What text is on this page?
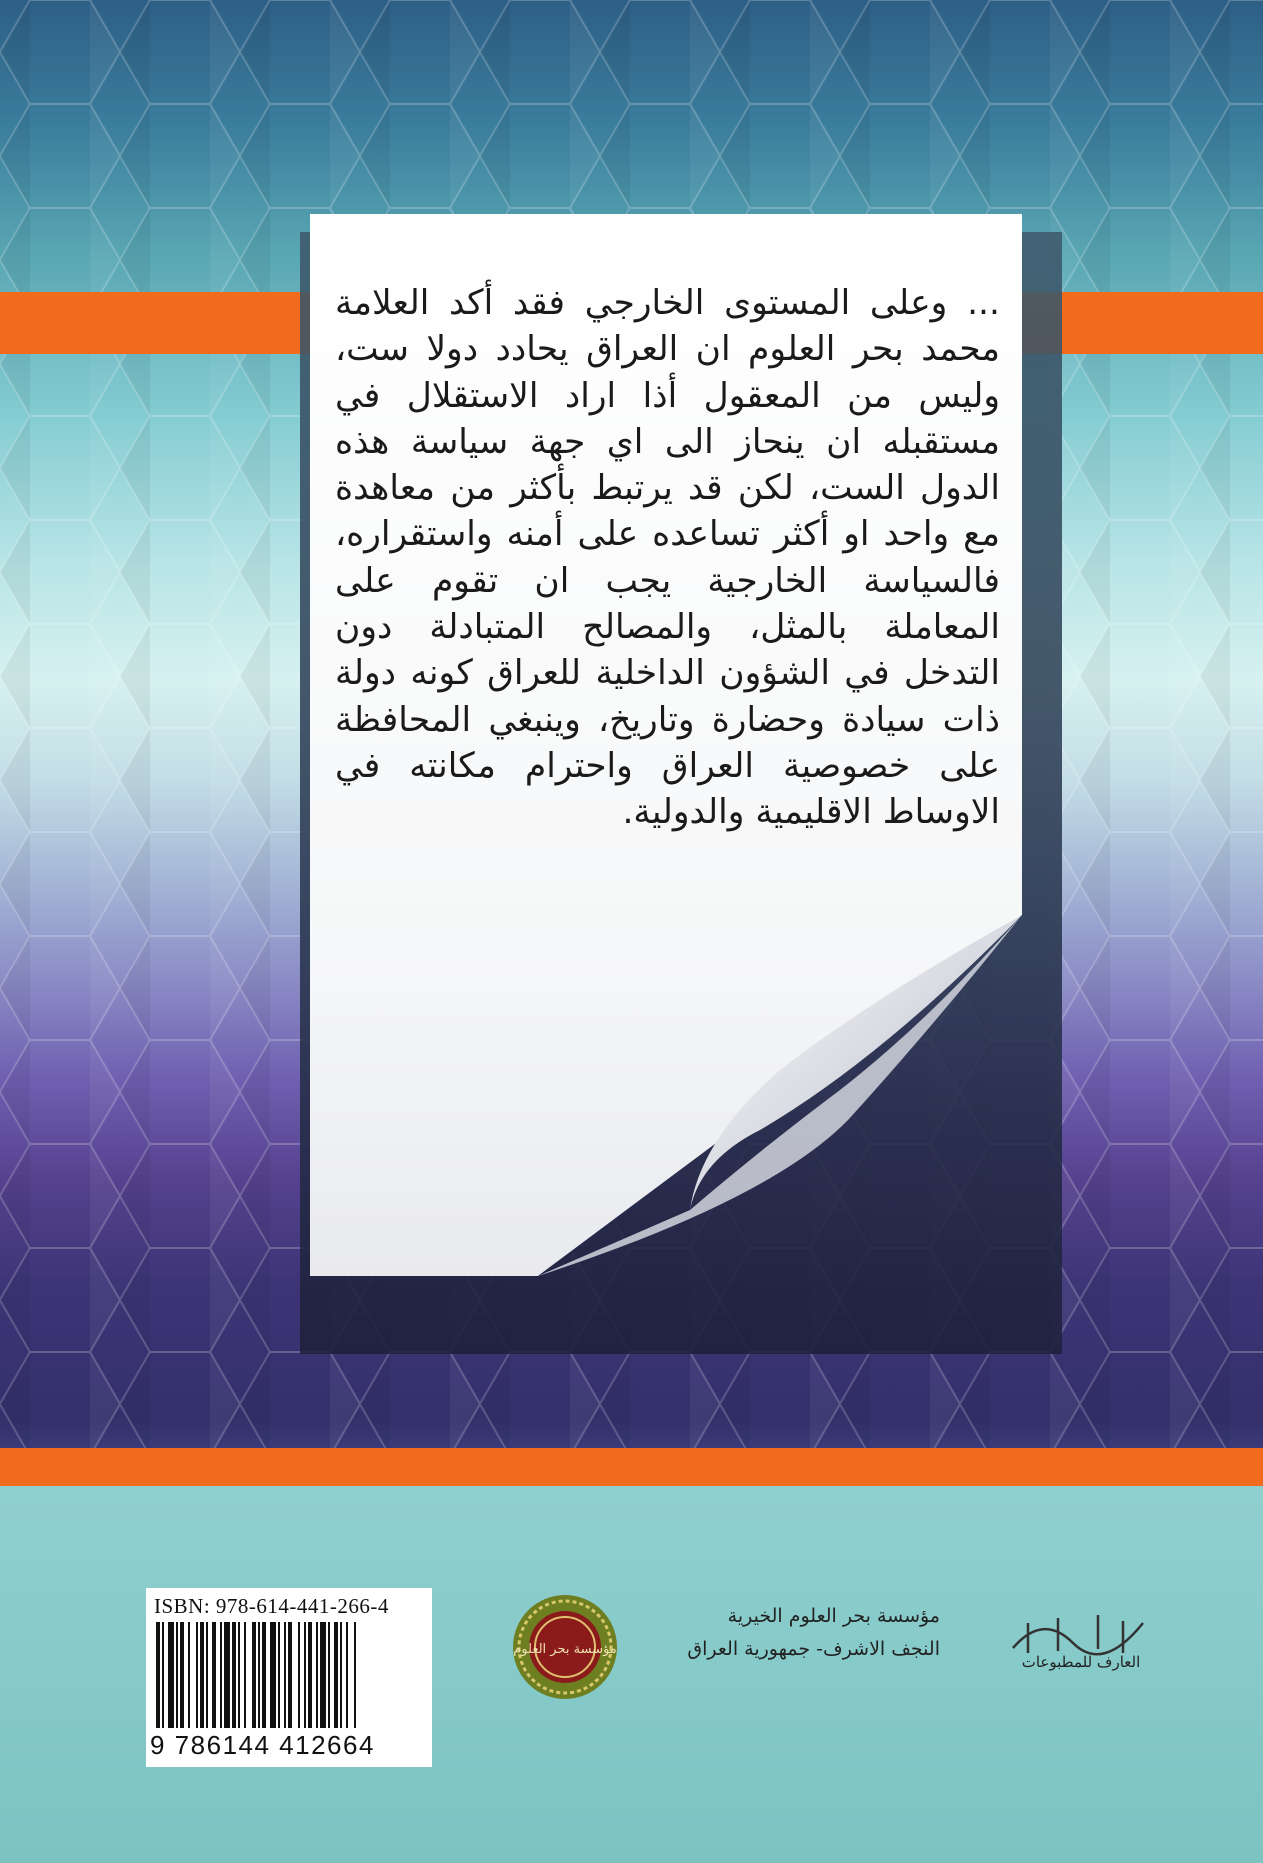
... وعلى المستوى الخارجي فقد أكد العلامة محمد بحر العلوم ان العراق يحادد دولا ست، وليس من المعقول أذا اراد الاستقلال في مستقبله ان ينحاز الى اي جهة سياسة هذه الدول الست، لكن قد يرتبط بأكثر من معاهدة مع واحد او أكثر تساعده على أمنه واستقراره، فالسياسة الخارجية يجب ان تقوم على المعاملة بالمثل، والمصالح المتبادلة دون التدخل في الشؤون الداخلية للعراق كونه دولة ذات سيادة وحضارة وتاريخ، وينبغي المحافظة على خصوصية العراق واحترام مكانته في الاوساط الاقليمية والدولية.

ISBN: 978-614-441-266-4
9 786144 412664
مؤسسة بحر العلوم
مؤسسة بحر العلوم الخيرية
النجف الاشرف- جمهورية العراق
العارف للمطبوعات
